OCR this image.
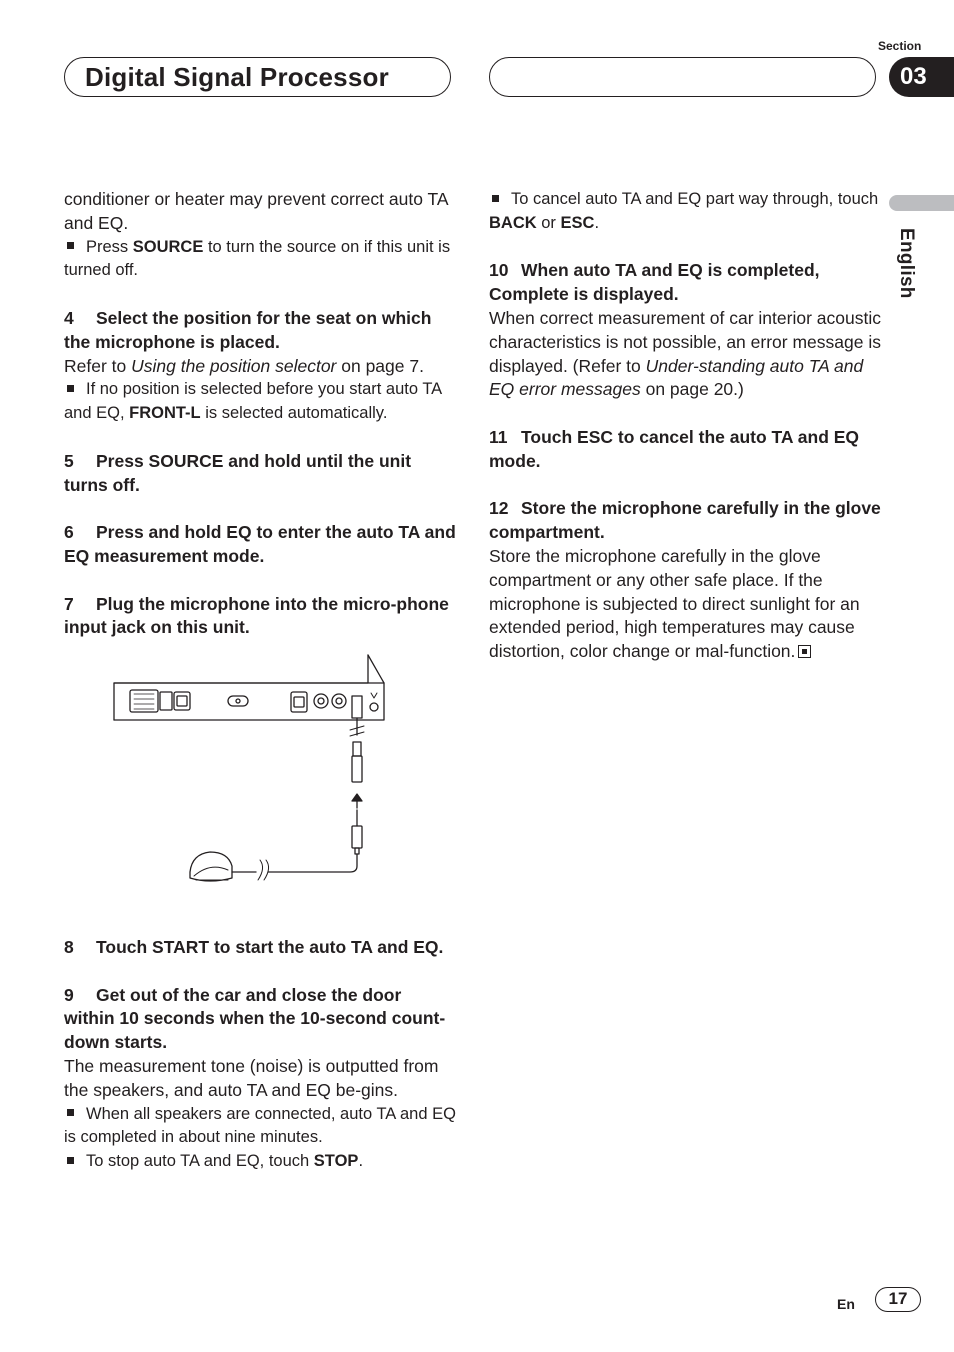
Digital Signal Processor
Section
03
English

conditioner or heater may prevent correct auto TA and EQ.

Press SOURCE to turn the source on if this unit is turned off.

4 Select the position for the seat on which the microphone is placed.

Refer to Using the position selector on page 7.

If no position is selected before you start auto TA and EQ, FRONT-L is selected automatically.

5 Press SOURCE and hold until the unit turns off.

6 Press and hold EQ to enter the auto TA and EQ measurement mode.

7 Plug the microphone into the micro-phone input jack on this unit.

8 Touch START to start the auto TA and EQ.

9 Get out of the car and close the door within 10 seconds when the 10-second count-down starts.

The measurement tone (noise) is outputted from the speakers, and auto TA and EQ be-gins.

When all speakers are connected, auto TA and EQ is completed in about nine minutes.

To stop auto TA and EQ, touch STOP.

To cancel auto TA and EQ part way through, touch BACK or ESC.

10 When auto TA and EQ is completed, Complete is displayed.

When correct measurement of car interior acoustic characteristics is not possible, an error message is displayed. (Refer to Under-standing auto TA and EQ error messages on page 20.)

11 Touch ESC to cancel the auto TA and EQ mode.

12 Store the microphone carefully in the glove compartment.

Store the microphone carefully in the glove compartment or any other safe place. If the microphone is subjected to direct sunlight for an extended period, high temperatures may cause distortion, color change or mal-function.

En	17
